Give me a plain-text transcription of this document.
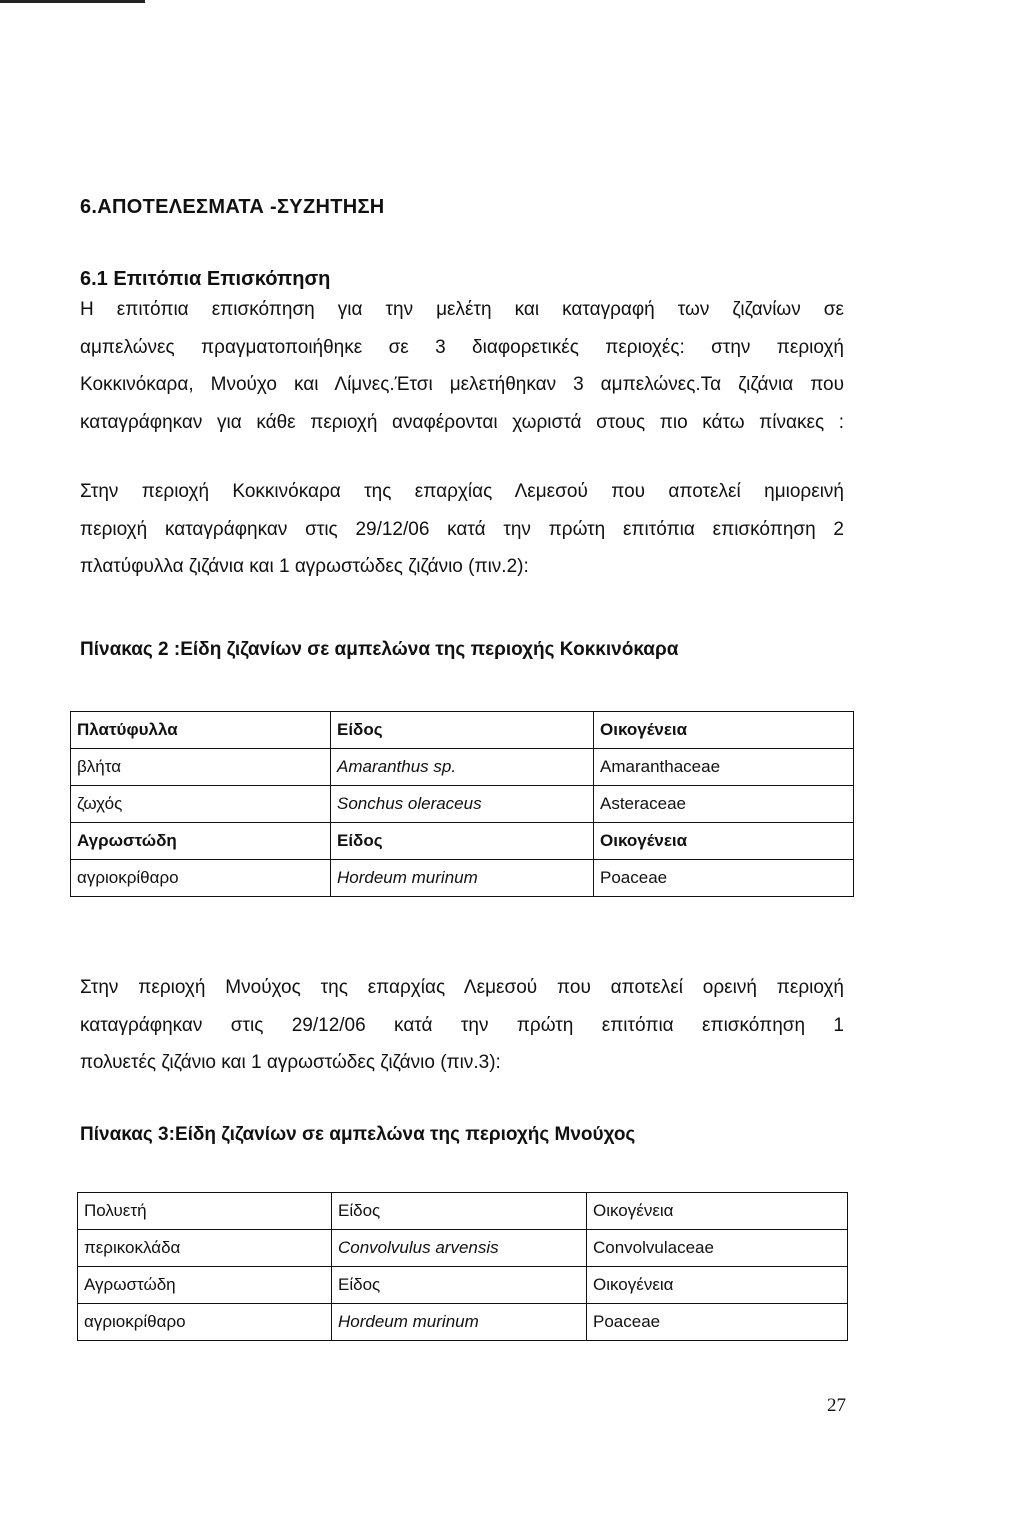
6.ΑΠΟΤΕΛΕΣΜΑΤΑ -ΣΥΖΗΤΗΣΗ
6.1 Επιτόπια Επισκόπηση
Η επιτόπια επισκόπηση για την μελέτη και καταγραφή των ζιζανίων σε
αμπελώνες πραγματοποιήθηκε σε 3 διαφορετικές περιοχές: στην περιοχή
Κοκκινόκαρα, Μνούχο και Λίμνες.Έτσι μελετήθηκαν 3 αμπελώνες.Τα ζιζάνια που
καταγράφηκαν για κάθε περιοχή αναφέρονται χωριστά στους πιο κάτω πίνακες :
Στην περιοχή Κοκκινόκαρα της επαρχίας Λεμεσού που αποτελεί ημιορεινή
περιοχή καταγράφηκαν στις 29/12/06 κατά την πρώτη επιτόπια επισκόπηση 2
πλατύφυλλα ζιζάνια και 1 αγρωστώδες ζιζάνιο (πιν.2):
Πίνακας 2 :Είδη ζιζανίων σε αμπελώνα της περιοχής Κοκκινόκαρα
Πλατύφυλλα	Είδος	Οικογένεια
βλήτα	Amaranthus sp.	Amaranthaceae
ζωχός	Sonchus oleraceus	Asteraceae
Αγρωστώδη	Είδος	Οικογένεια
αγριοκρίθαρο	Hordeum murinum	Poaceae
Στην περιοχή Μνούχος της επαρχίας Λεμεσού που αποτελεί ορεινή περιοχή
καταγράφηκαν στις 29/12/06 κατά την πρώτη επιτόπια επισκόπηση 1
πολυετές ζιζάνιο και 1 αγρωστώδες ζιζάνιο (πιν.3):
Πίνακας 3:Είδη ζιζανίων σε αμπελώνα της περιοχής Μνούχος
Πολυετή	Είδος	Οικογένεια
περικοκλάδα	Convolvulus arvensis	Convolvulaceae
Αγρωστώδη	Είδος	Οικογένεια
αγριοκρίθαρο	Hordeum murinum	Poaceae
27
